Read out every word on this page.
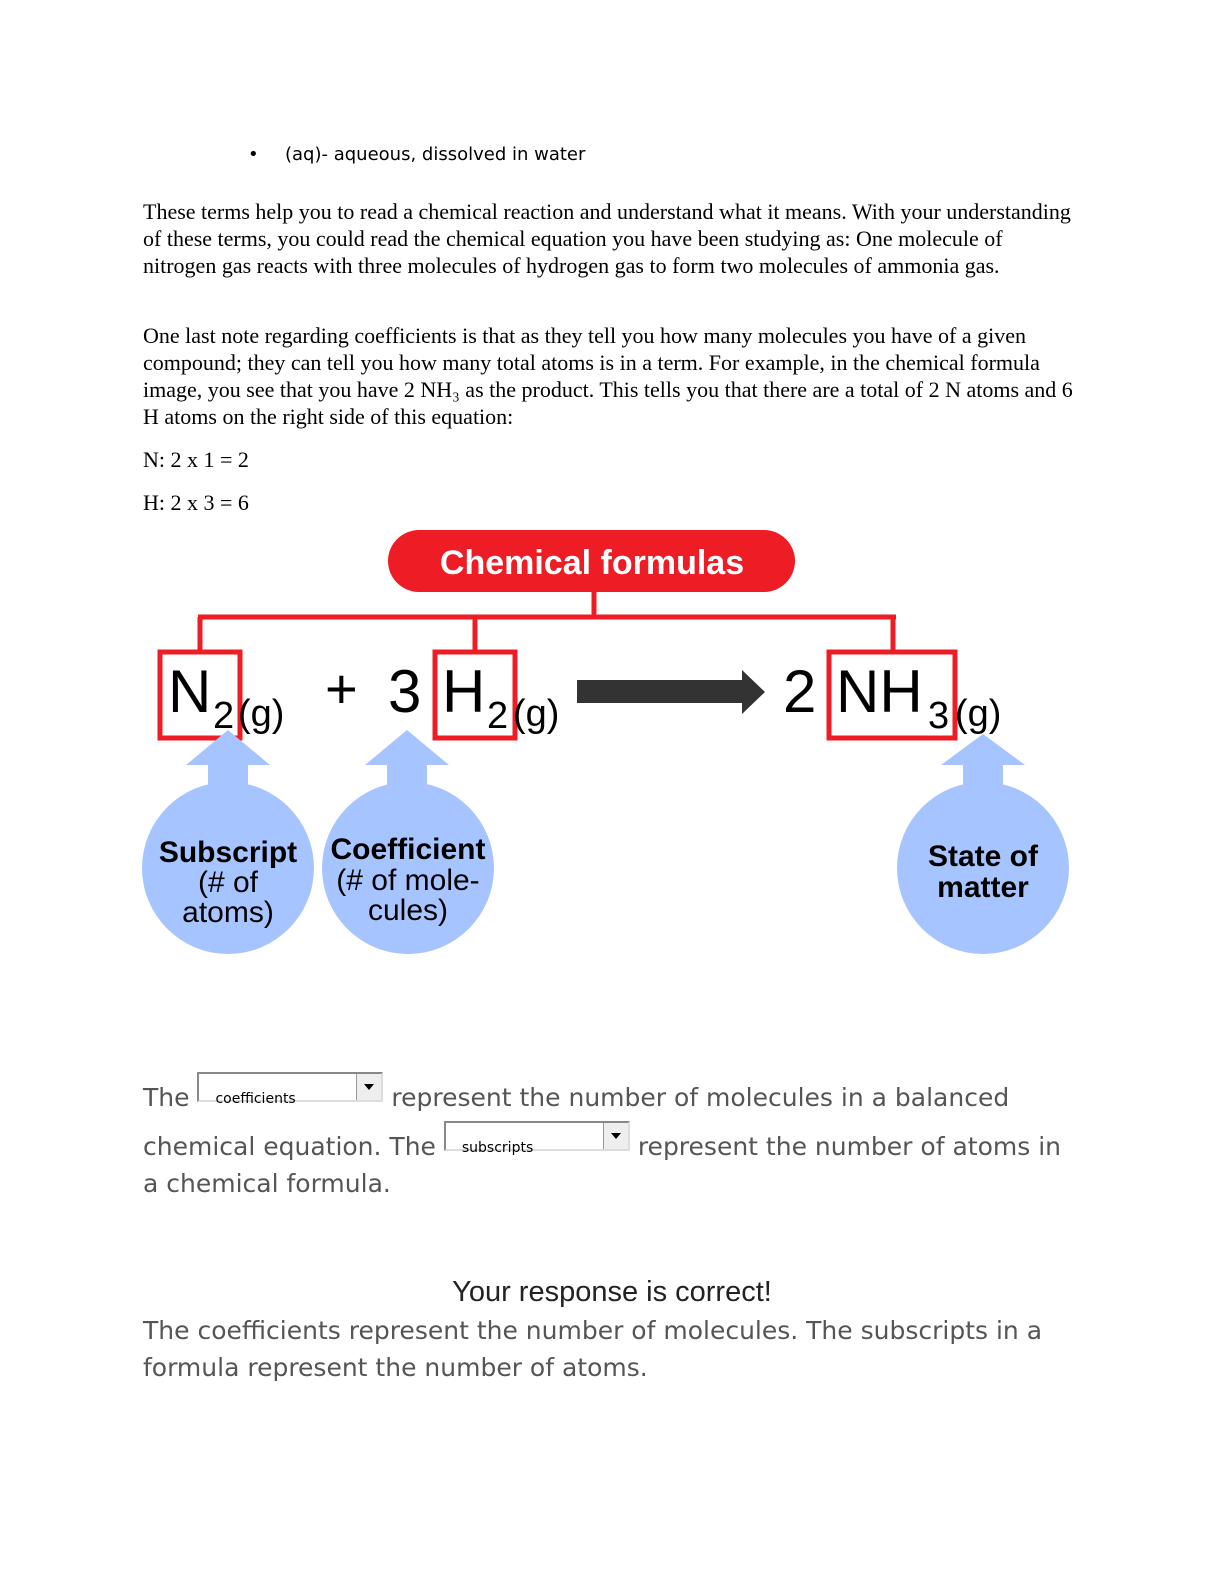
• (aq)- aqueous, dissolved in water

These terms help you to read a chemical reaction and understand what it means. With your understanding of these terms, you could read the chemical equation you have been studying as: One molecule of nitrogen gas reacts with three molecules of hydrogen gas to form two molecules of ammonia gas.

One last note regarding coefficients is that as they tell you how many molecules you have of a given compound; they can tell you how many total atoms is in a term. For example, in the chemical formula image, you see that you have 2 NH₃ as the product. This tells you that there are a total of 2 N atoms and 6 H atoms on the right side of this equation:

N: 2 x 1 = 2
H: 2 x 3 = 6
Chemical formulas
N 2 (g) + 3 H 2 (g)	2 NH 3 (g)
Subscript
(# of
atoms)
Coefficient
(# of mole-
cules)
State of
matter
The coefficients	represent the number of molecules in a balanced
chemical equation. The subscripts	represent the number of atoms in
a chemical formula.
Your response is correct!
The coefficients represent the number of molecules. The subscripts in a formula represent the number of atoms.
